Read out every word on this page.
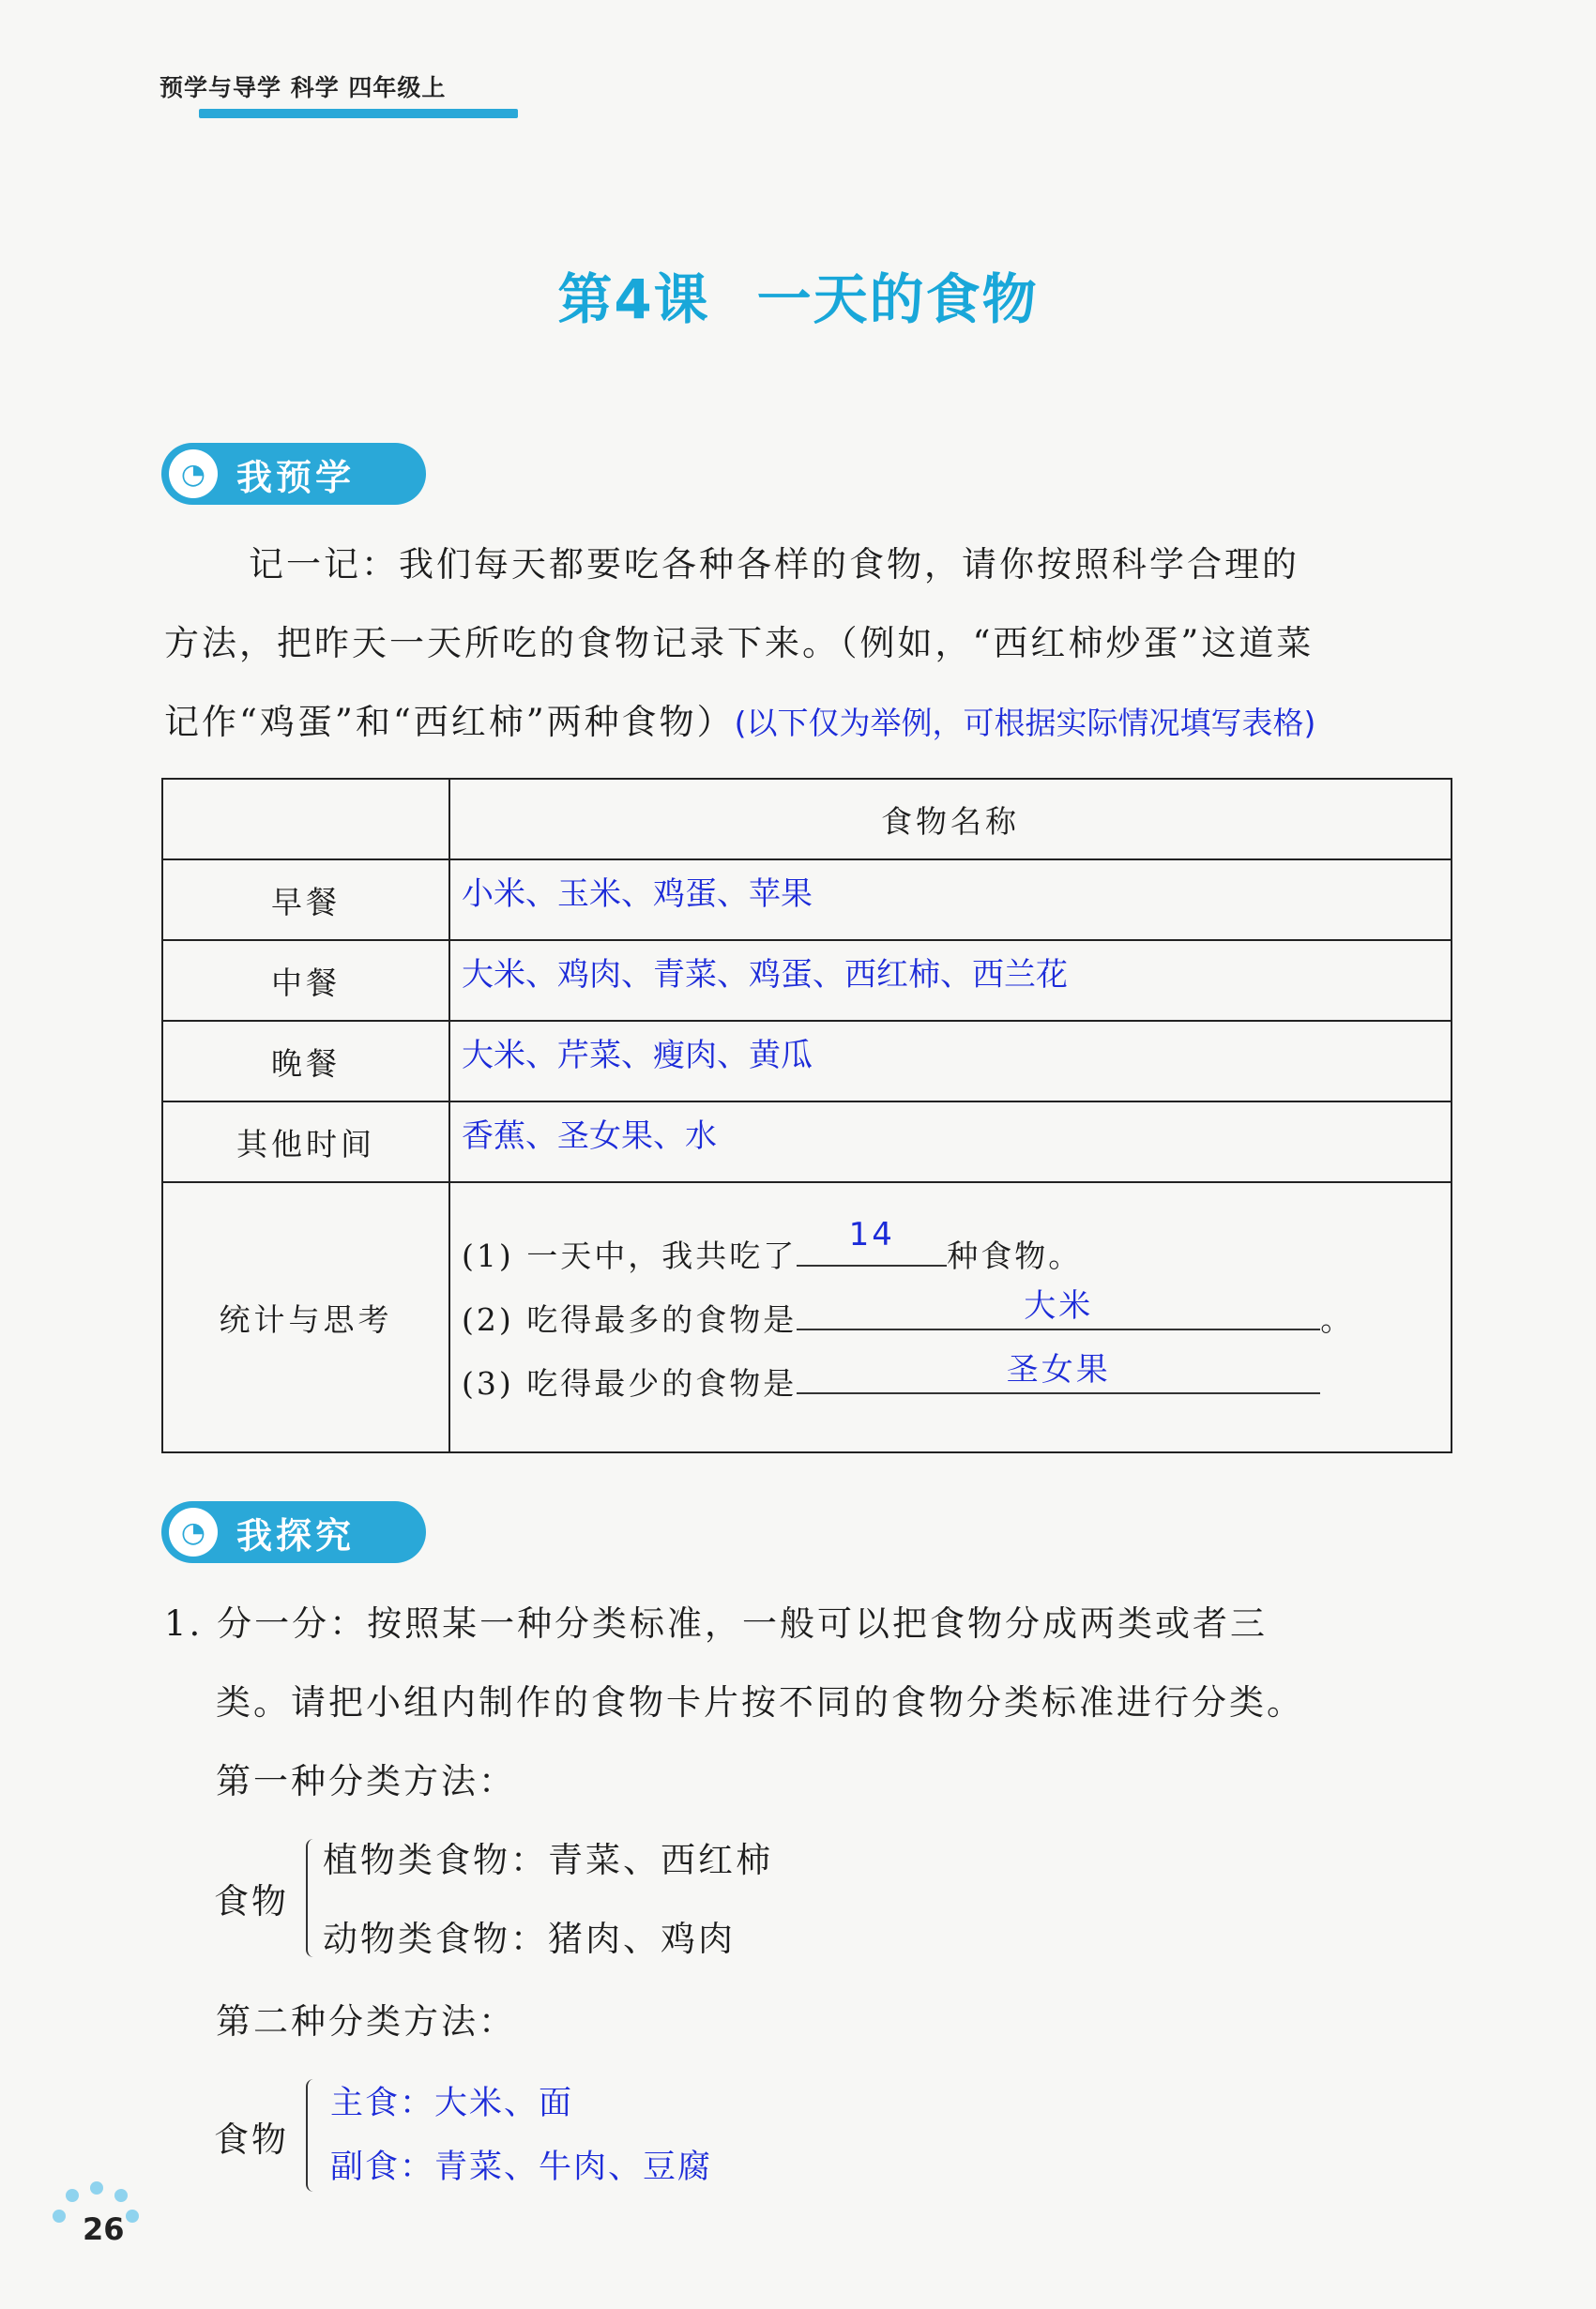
预学与导学 科学 四年级上
第4课 一天的食物
◔ 我预学
记一记：我们每天都要吃各种各样的食物，请你按照科学合理的
方法，把昨天一天所吃的食物记录下来。（例如，“西红柿炒蛋”这道菜
记作“鸡蛋”和“西红柿”两种食物）(以下仅为举例，可根据实际情况填写表格)
	食物名称
早餐	小米、玉米、鸡蛋、苹果

中餐	大米、鸡肉、青菜、鸡蛋、西红柿、西兰花

晚餐	大米、芹菜、瘦肉、黄瓜

其他时间	香蕉、圣女果、水

统计与思考	
(1) 一天中，我共吃了
14
种食物。
(2) 吃得最多的食物是	大米	。
(3) 吃得最少的食物是	圣女果
◔ 我探究
1. 分一分：按照某一种分类标准，一般可以把食物分成两类或者三
类。请把小组内制作的食物卡片按不同的食物分类标准进行分类。
第一种分类方法：
食物
植物类食物：青菜、西红柿
动物类食物：猪肉、鸡肉
第二种分类方法：
食物
主食：大米、面
副食：青菜、牛肉、豆腐
26
